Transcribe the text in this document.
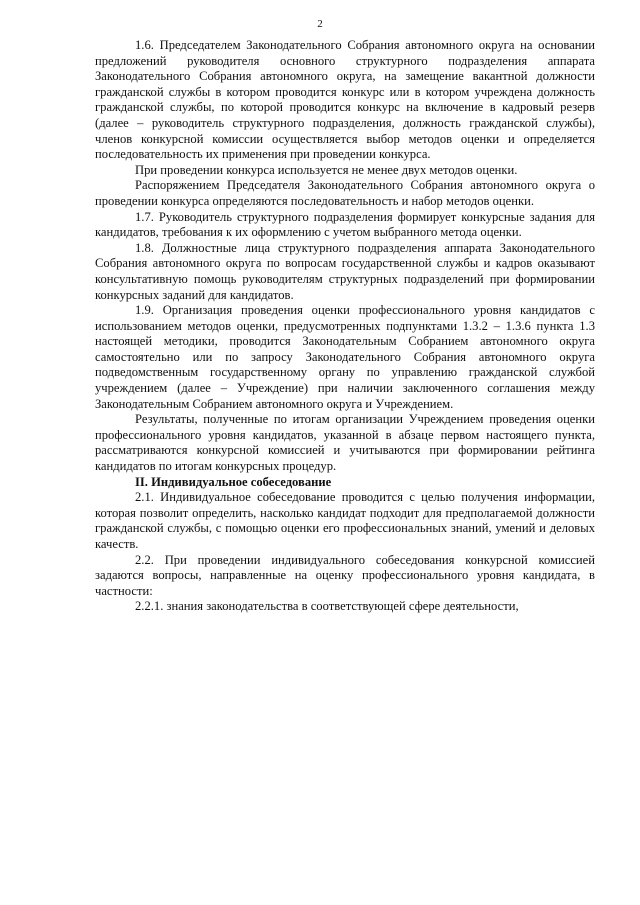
2

1.6. Председателем Законодательного Собрания автономного округа на основании предложений руководителя основного структурного подразделения аппарата Законодательного Собрания автономного округа, на замещение вакантной должности гражданской службы в котором проводится конкурс или в котором учреждена должность гражданской службы, по которой проводится конкурс на включение в кадровый резерв (далее – руководитель структурного подразделения, должность гражданской службы), членов конкурсной комиссии осуществляется выбор методов оценки и определяется последовательность их применения при проведении конкурса.

При проведении конкурса используется не менее двух методов оценки.

Распоряжением Председателя Законодательного Собрания автономного округа о проведении конкурса определяются последовательность и набор методов оценки.

1.7. Руководитель структурного подразделения формирует конкурсные задания для кандидатов, требования к их оформлению с учетом выбранного метода оценки.

1.8. Должностные лица структурного подразделения аппарата Законодательного Собрания автономного округа по вопросам государственной службы и кадров оказывают консультативную помощь руководителям структурных подразделений при формировании конкурсных заданий для кандидатов.

1.9. Организация проведения оценки профессионального уровня кандидатов с использованием методов оценки, предусмотренных подпунктами 1.3.2 – 1.3.6 пункта 1.3 настоящей методики, проводится Законодательным Собранием автономного округа самостоятельно или по запросу Законодательного Собрания автономного округа подведомственным государственному органу по управлению гражданской службой учреждением (далее – Учреждение) при наличии заключенного соглашения между Законодательным Собранием автономного округа и Учреждением.

Результаты, полученные по итогам организации Учреждением проведения оценки профессионального уровня кандидатов, указанной в абзаце первом настоящего пункта, рассматриваются конкурсной комиссией и учитываются при формировании рейтинга кандидатов по итогам конкурсных процедур.

II. Индивидуальное собеседование

2.1. Индивидуальное собеседование проводится с целью получения информации, которая позволит определить, насколько кандидат подходит для предполагаемой должности гражданской службы, с помощью оценки его профессиональных знаний, умений и деловых качеств.

2.2. При проведении индивидуального собеседования конкурсной комиссией задаются вопросы, направленные на оценку профессионального уровня кандидата, в частности:

2.2.1. знания законодательства в соответствующей сфере деятельности,
